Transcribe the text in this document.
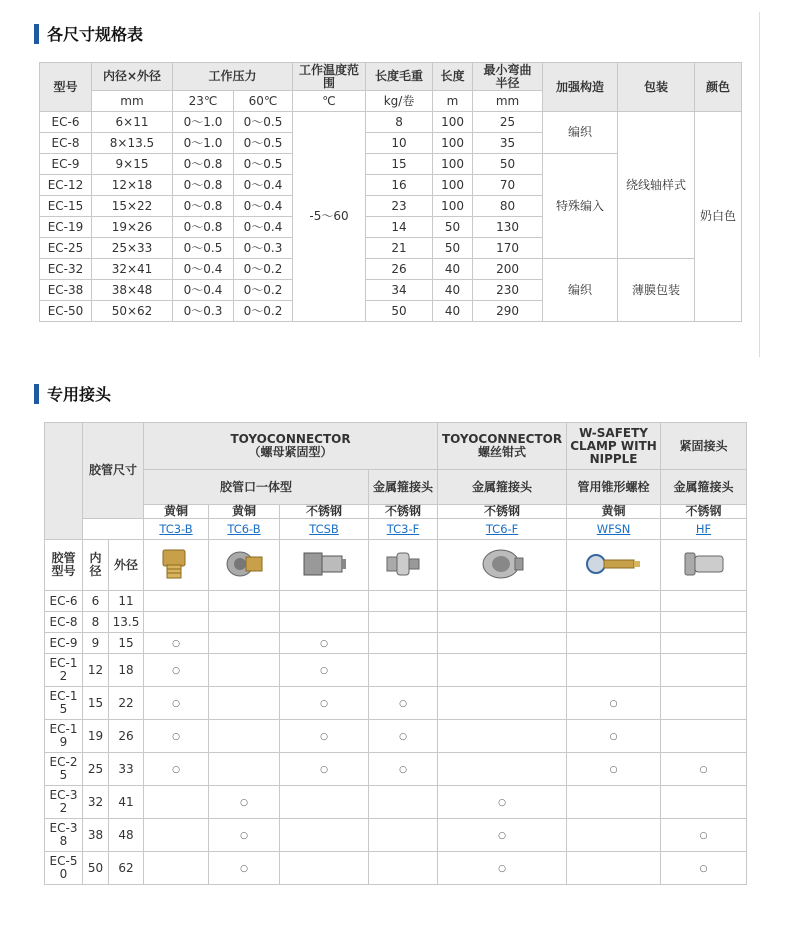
各尺寸规格表
型号	内径×外径	工作压力		工作温度范围	长度毛重	长度	最小弯曲半径	加强构造	包装	颜色
	mm	23℃	60℃	℃	kg/卷	m	mm			
EC-6	6×11	0～1.0	0～0.5	-5～60	8	100	25	编织	绕线轴样式	奶白色
EC-8	8×13.5	0～1.0	0～0.5		10	100	35			
EC-9	9×15	0～0.8	0～0.5		15	100	50	特殊编入		
EC-12	12×18	0～0.8	0～0.4		16	100	70			
EC-15	15×22	0～0.8	0～0.4		23	100	80			
EC-19	19×26	0～0.8	0～0.4		14	50	130			
EC-25	25×33	0～0.5	0～0.3		21	50	170			
EC-32	32×41	0～0.4	0～0.2		26	40	200	编织	薄膜包装	
EC-38	38×48	0～0.4	0～0.2		34	40	230			
EC-50	50×62	0～0.3	0～0.2		50	40	290			
专用接头
	胶管尺寸		TOYOCONNECTOR
（螺母紧固型）				TOYOCONNECTOR
螺丝钳式	W-SAFETY
CLAMP WITH
NIPPLE	紧固接头
			胶管口一体型			金属箍接头	金属箍接头	管用锥形螺栓	金属箍接头
			黄铜	黄铜	不锈钢	不锈钢	不锈钢	黄铜	不锈钢
			TC3-B	TC6-B	TCSB	TC3-F	TC6-F	WFSN	HF
胶管型号	内径	外径							
EC-6	6	11							
EC-8	8	13.5							
EC-9	9	15	○		○				
EC-12	12	18	○		○				
EC-15	15	22	○		○	○		○	
EC-19	19	26	○		○	○		○	
EC-25	25	33	○		○	○		○	○
EC-32	32	41		○			○		
EC-38	38	48		○			○		○
EC-50	50	62		○			○		○
